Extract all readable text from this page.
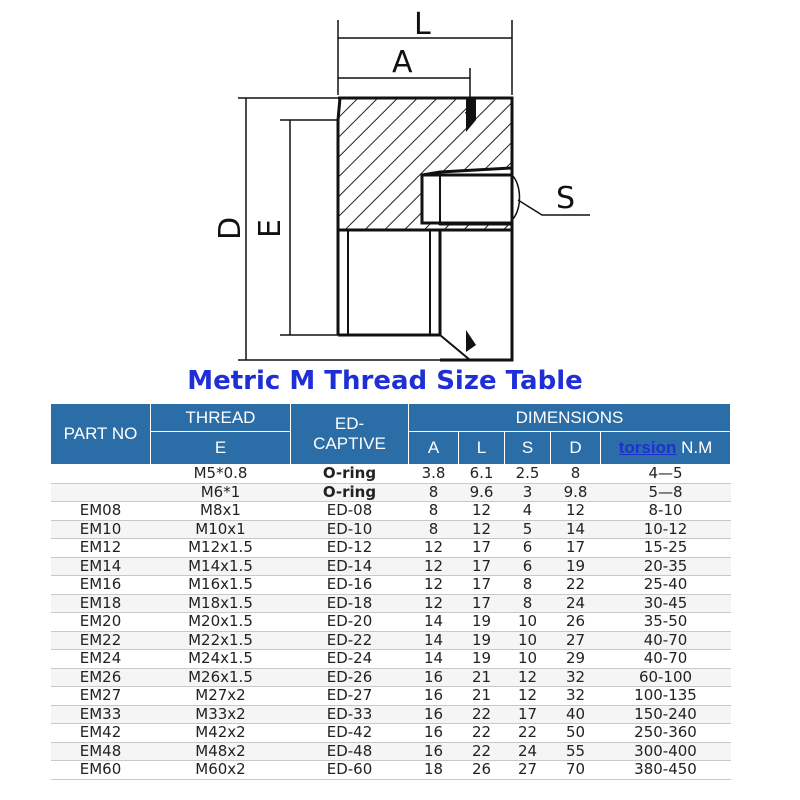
L
A
D E
S
Metric M Thread Size Table
PART NO	THREAD	ED-
CAPTIVE	DIMENSIONS				
	E		A	L	S	D	torsion N.M
	M5*0.8	O-ring	3.8	6.1	2.5	8	4—5
	M6*1	O-ring	8	9.6	3	9.8	5—8
EM08	M8x1	ED-08	8	12	4	12	8-10
EM10	M10x1	ED-10	8	12	5	14	10-12
EM12	M12x1.5	ED-12	12	17	6	17	15-25
EM14	M14x1.5	ED-14	12	17	6	19	20-35
EM16	M16x1.5	ED-16	12	17	8	22	25-40
EM18	M18x1.5	ED-18	12	17	8	24	30-45
EM20	M20x1.5	ED-20	14	19	10	26	35-50
EM22	M22x1.5	ED-22	14	19	10	27	40-70
EM24	M24x1.5	ED-24	14	19	10	29	40-70
EM26	M26x1.5	ED-26	16	21	12	32	60-100
EM27	M27x2	ED-27	16	21	12	32	100-135
EM33	M33x2	ED-33	16	22	17	40	150-240
EM42	M42x2	ED-42	16	22	22	50	250-360
EM48	M48x2	ED-48	16	22	24	55	300-400
EM60	M60x2	ED-60	18	26	27	70	380-450
